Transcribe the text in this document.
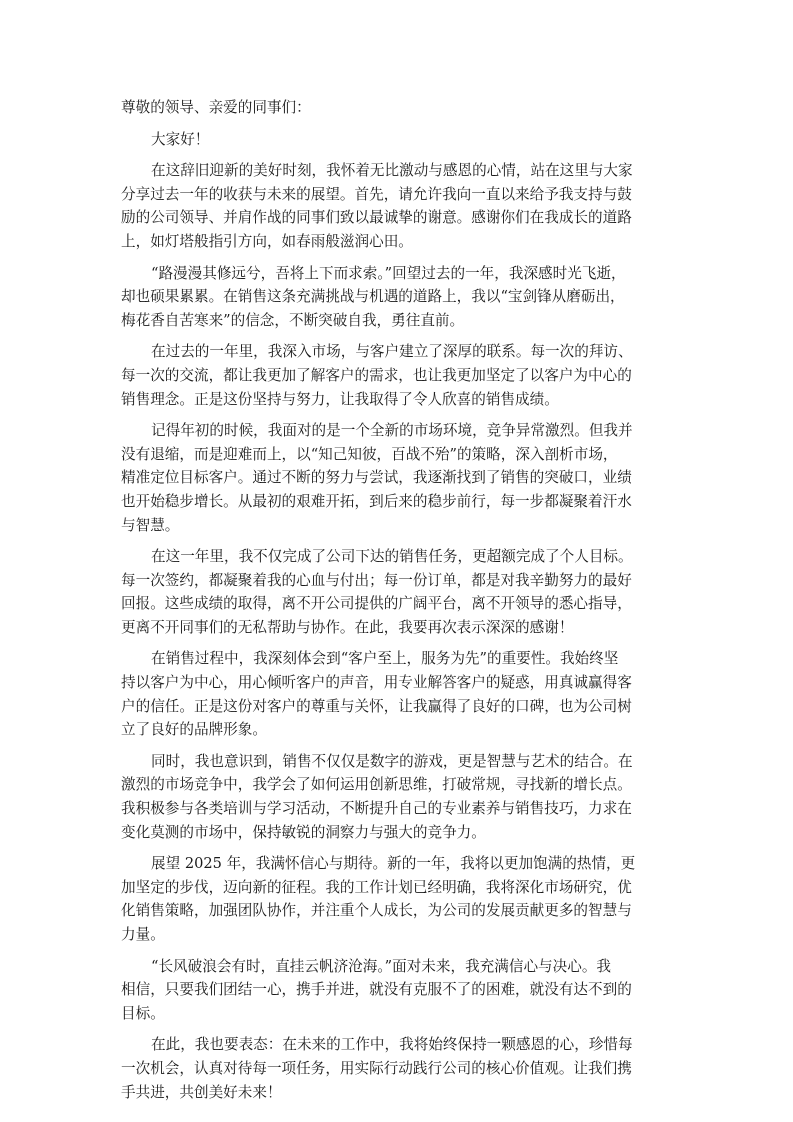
尊敬的领导、亲爱的同事们：

大家好！

在这辞旧迎新的美好时刻，我怀着无比激动与感恩的心情，站在这里与大家

分享过去一年的收获与未来的展望。首先，请允许我向一直以来给予我支持与鼓

励的公司领导、并肩作战的同事们致以最诚挚的谢意。感谢你们在我成长的道路

上，如灯塔般指引方向，如春雨般滋润心田。

“路漫漫其修远兮，吾将上下而求索。”回望过去的一年，我深感时光飞逝，

却也硕果累累。在销售这条充满挑战与机遇的道路上，我以“宝剑锋从磨砺出，

梅花香自苦寒来”的信念，不断突破自我，勇往直前。

在过去的一年里，我深入市场，与客户建立了深厚的联系。每一次的拜访、

每一次的交流，都让我更加了解客户的需求，也让我更加坚定了以客户为中心的

销售理念。正是这份坚持与努力，让我取得了令人欣喜的销售成绩。

记得年初的时候，我面对的是一个全新的市场环境，竞争异常激烈。但我并

没有退缩，而是迎难而上，以“知己知彼，百战不殆”的策略，深入剖析市场，

精准定位目标客户。通过不断的努力与尝试，我逐渐找到了销售的突破口，业绩

也开始稳步增长。从最初的艰难开拓，到后来的稳步前行，每一步都凝聚着汗水

与智慧。

在这一年里，我不仅完成了公司下达的销售任务，更超额完成了个人目标。

每一次签约，都凝聚着我的心血与付出；每一份订单，都是对我辛勤努力的最好

回报。这些成绩的取得，离不开公司提供的广阔平台，离不开领导的悉心指导，

更离不开同事们的无私帮助与协作。在此，我要再次表示深深的感谢！

在销售过程中，我深刻体会到“客户至上，服务为先”的重要性。我始终坚

持以客户为中心，用心倾听客户的声音，用专业解答客户的疑惑，用真诚赢得客

户的信任。正是这份对客户的尊重与关怀，让我赢得了良好的口碑，也为公司树

立了良好的品牌形象。

同时，我也意识到，销售不仅仅是数字的游戏，更是智慧与艺术的结合。在

激烈的市场竞争中，我学会了如何运用创新思维，打破常规，寻找新的增长点。

我积极参与各类培训与学习活动，不断提升自己的专业素养与销售技巧，力求在

变化莫测的市场中，保持敏锐的洞察力与强大的竞争力。

展望 2025 年，我满怀信心与期待。新的一年，我将以更加饱满的热情，更

加坚定的步伐，迈向新的征程。我的工作计划已经明确，我将深化市场研究，优

化销售策略，加强团队协作，并注重个人成长，为公司的发展贡献更多的智慧与

力量。

“长风破浪会有时，直挂云帆济沧海。”面对未来，我充满信心与决心。我

相信，只要我们团结一心，携手并进，就没有克服不了的困难，就没有达不到的

目标。

在此，我也要表态：在未来的工作中，我将始终保持一颗感恩的心，珍惜每

一次机会，认真对待每一项任务，用实际行动践行公司的核心价值观。让我们携

手共进，共创美好未来！
